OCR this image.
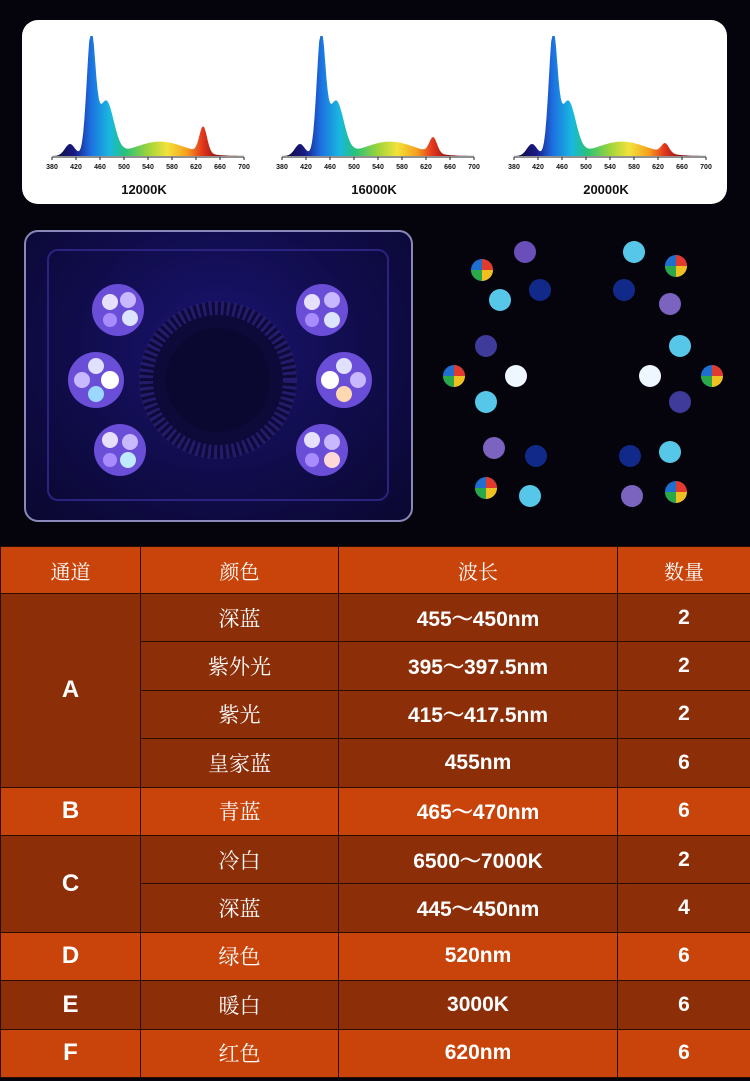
380 420 460 500 540 580 620 660 700
12000K
380 420 460 500 540 580 620 660 700
16000K
380 420 460 500 540 580 620 660 700
20000K
通道	颜色	波长	数量
A	深蓝	455～450nm	2
	紫外光	395～397.5nm	2
	紫光	415～417.5nm	2
	皇家蓝	455nm	6
B	青蓝	465～470nm	6
C	冷白	6500～7000K	2
	深蓝	445～450nm	4
D	绿色	520nm	6
E	暖白	3000K	6
F	红色	620nm	6
